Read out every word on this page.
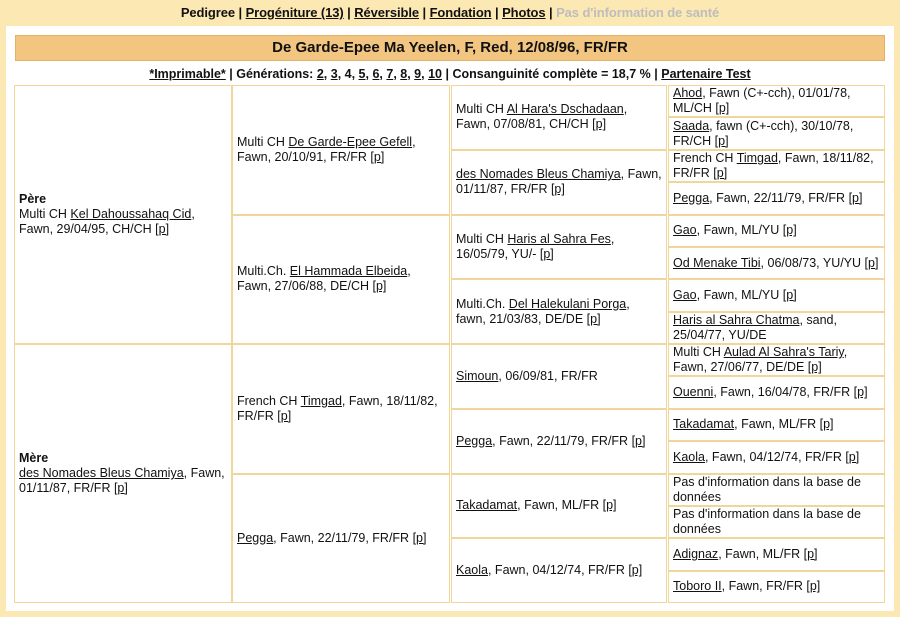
Pedigree | Progéniture (13) | Réversible | Fondation | Photos | Pas d'information de santé
De Garde-Epee Ma Yeelen, F, Red, 12/08/96, FR/FR
*Imprimable* | Générations: 2, 3, 4, 5, 6, 7, 8, 9, 10 | Consanguinité complète = 18,7 % | Partenaire Test
Père
Multi CH Kel Dahoussahaq Cid, Fawn, 29/04/95, CH/CH [p]
Mère
des Nomades Bleus Chamiya, Fawn, 01/11/87, FR/FR [p]
Multi CH De Garde-Epee Gefell, Fawn, 20/10/91, FR/FR [p]
Multi.Ch. El Hammada Elbeida, Fawn, 27/06/88, DE/CH [p]
French CH Timgad, Fawn, 18/11/82, FR/FR [p]
Pegga, Fawn, 22/11/79, FR/FR [p]
Multi CH Al Hara's Dschadaan, Fawn, 07/08/81, CH/CH [p]
des Nomades Bleus Chamiya, Fawn, 01/11/87, FR/FR [p]
Multi CH Haris al Sahra Fes, 16/05/79, YU/- [p]
Multi.Ch. Del Halekulani Porga, fawn, 21/03/83, DE/DE [p]
Simoun, 06/09/81, FR/FR
Pegga, Fawn, 22/11/79, FR/FR [p]
Takadamat, Fawn, ML/FR [p]
Kaola, Fawn, 04/12/74, FR/FR [p]
Ahod, Fawn (C+-cch), 01/01/78, ML/CH [p]
Saada, fawn (C+-cch), 30/10/78, FR/CH [p]
French CH Timgad, Fawn, 18/11/82, FR/FR [p]
Pegga, Fawn, 22/11/79, FR/FR [p]
Gao, Fawn, ML/YU [p]
Od Menake Tibi, 06/08/73, YU/YU [p]
Gao, Fawn, ML/YU [p]
Haris al Sahra Chatma, sand, 25/04/77, YU/DE
Multi CH Aulad Al Sahra's Tariy, Fawn, 27/06/77, DE/DE [p]
Ouenni, Fawn, 16/04/78, FR/FR [p]
Takadamat, Fawn, ML/FR [p]
Kaola, Fawn, 04/12/74, FR/FR [p]
Pas d'information dans la base de données
Pas d'information dans la base de données
Adignaz, Fawn, ML/FR [p]
Toboro II, Fawn, FR/FR [p]
